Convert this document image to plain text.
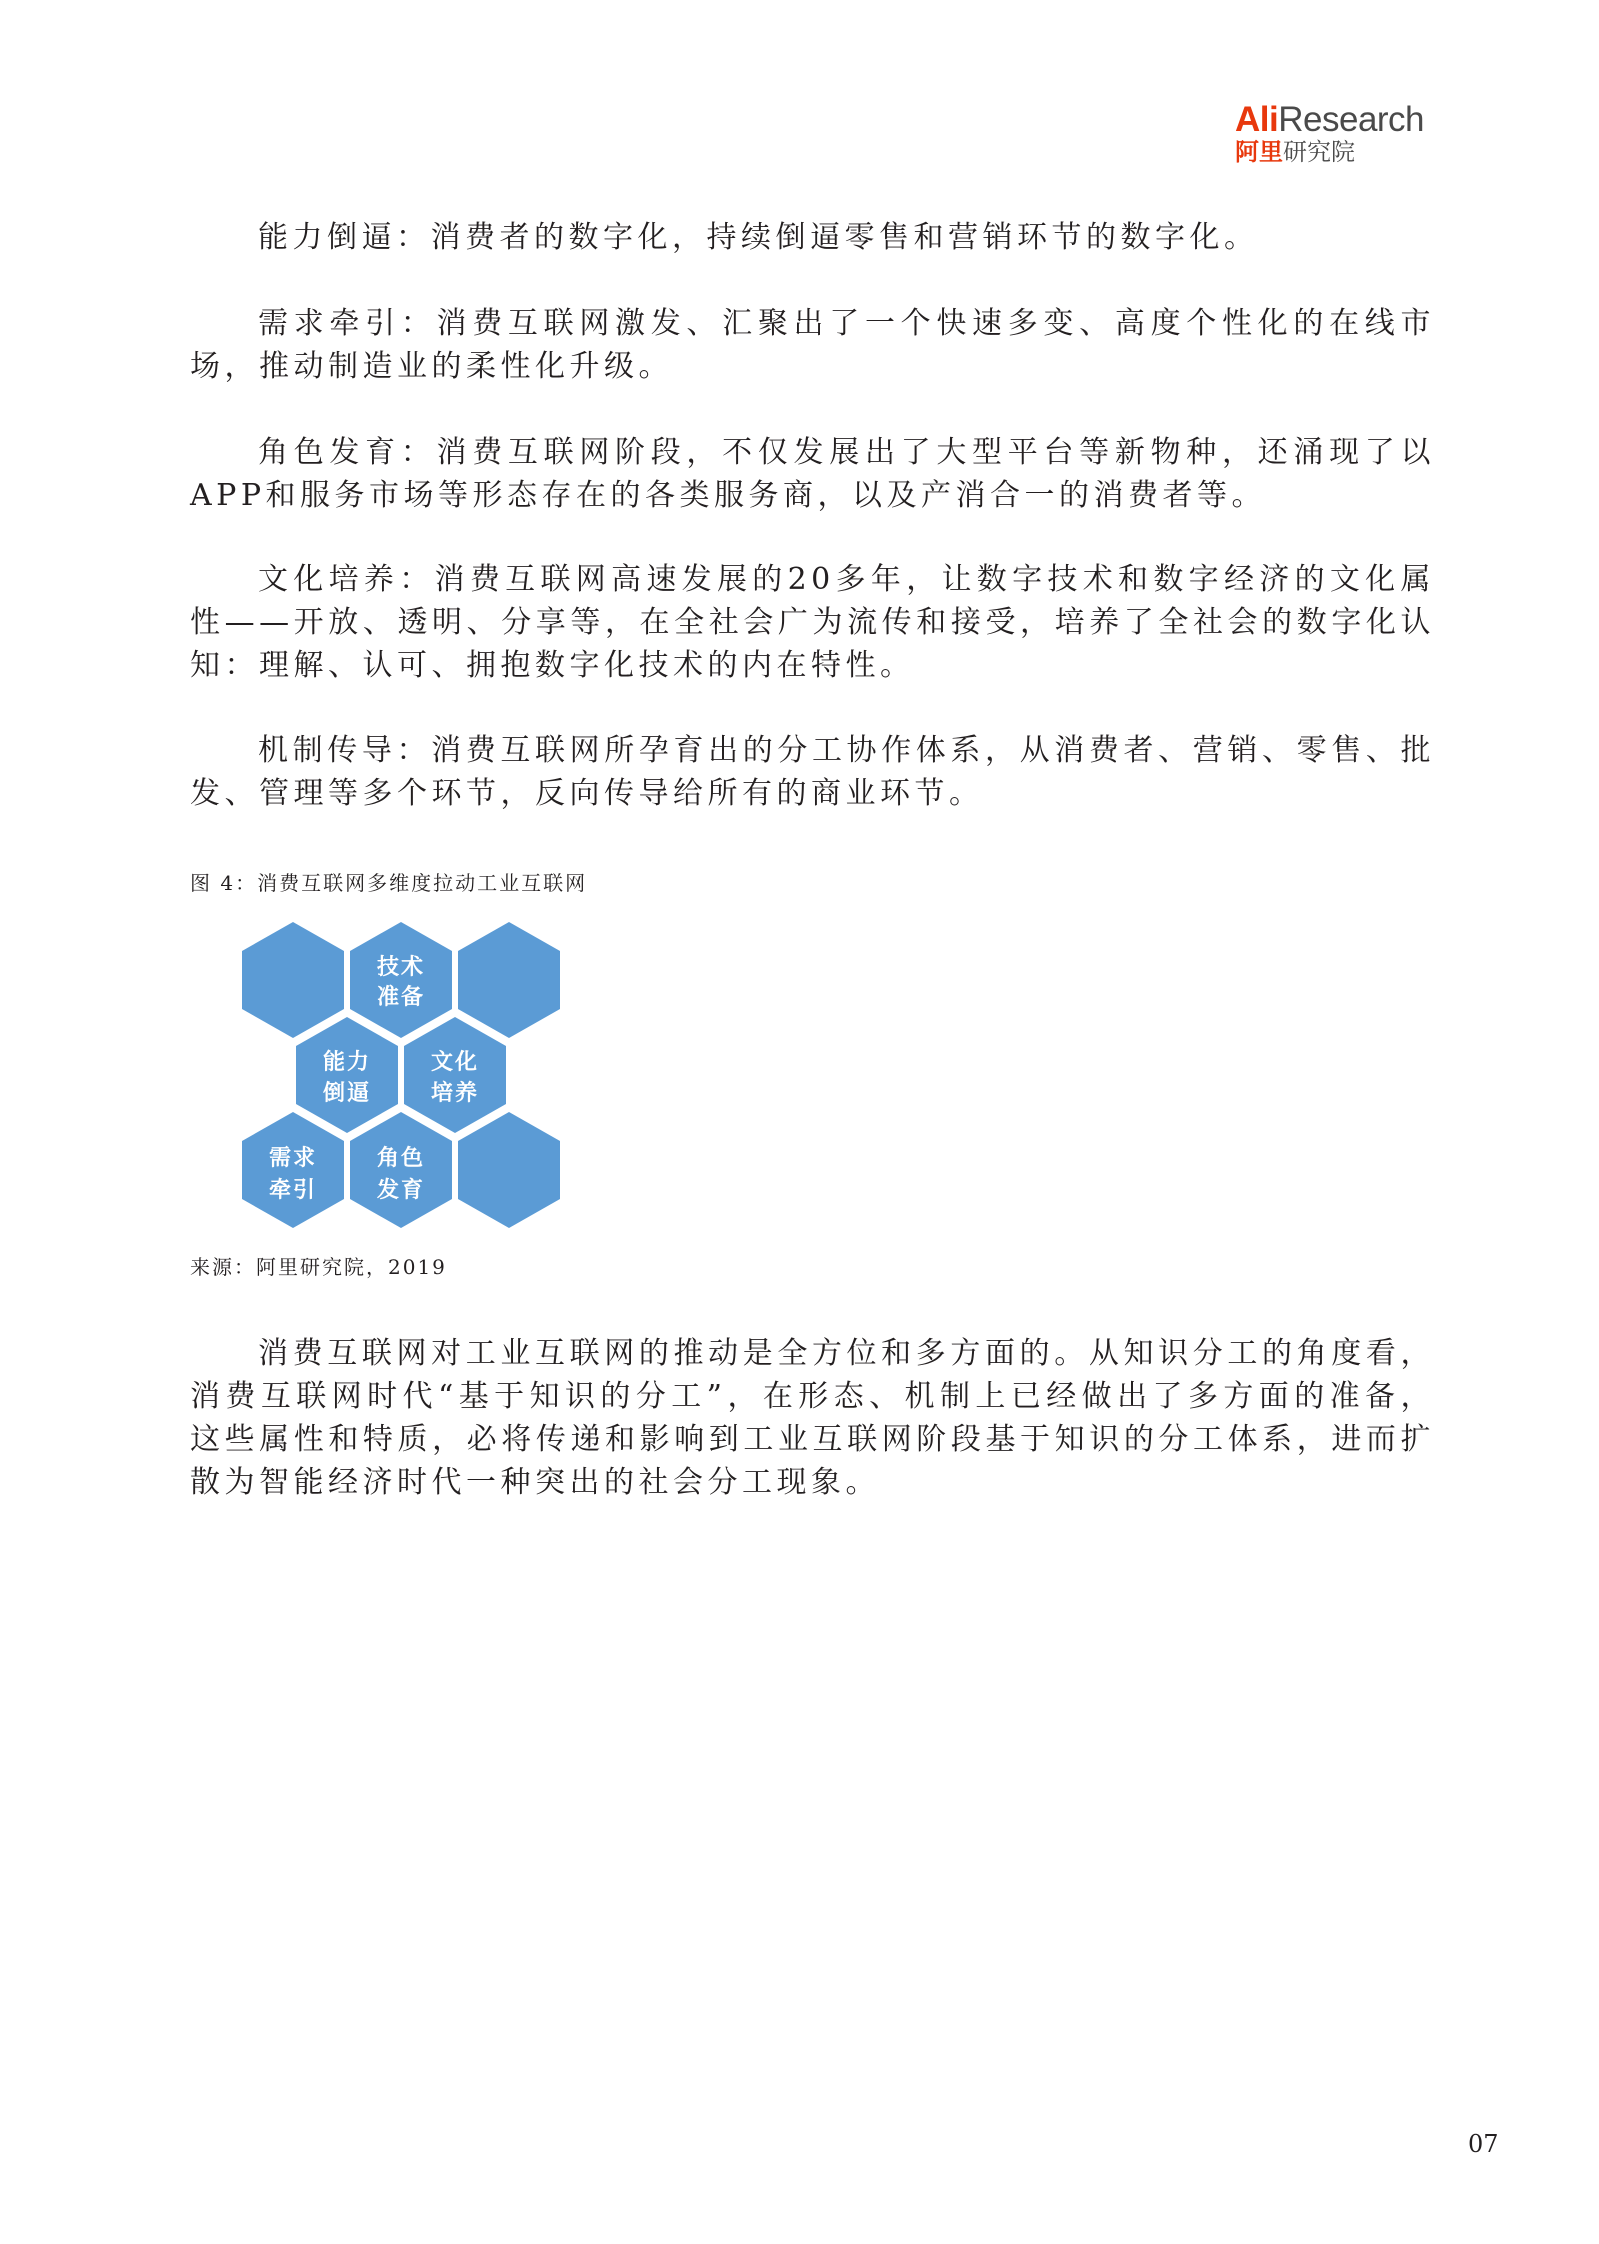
AliResearch
阿里研究院

能力倒逼：消费者的数字化，持续倒逼零售和营销环节的数字化。

需求牵引：消费互联网激发、汇聚出了一个快速多变、高度个性化的在线市场，推动制造业的柔性化升级。

角色发育：消费互联网阶段，不仅发展出了大型平台等新物种，还涌现了以APP和服务市场等形态存在的各类服务商，以及产消合一的消费者等。

文化培养：消费互联网高速发展的20多年，让数字技术和数字经济的文化属性——开放、透明、分享等，在全社会广为流传和接受，培养了全社会的数字化认知：理解、认可、拥抱数字化技术的内在特性。

机制传导：消费互联网所孕育出的分工协作体系，从消费者、营销、零售、批发、管理等多个环节，反向传导给所有的商业环节。

图 4：消费互联网多维度拉动工业互联网
技术
准备
能力
倒逼
文化
培养
需求
牵引
角色
发育
来源：阿里研究院，2019

消费互联网对工业互联网的推动是全方位和多方面的。从知识分工的角度看，消费互联网时代“基于知识的分工”，在形态、机制上已经做出了多方面的准备，这些属性和特质，必将传递和影响到工业互联网阶段基于知识的分工体系，进而扩散为智能经济时代一种突出的社会分工现象。

07
